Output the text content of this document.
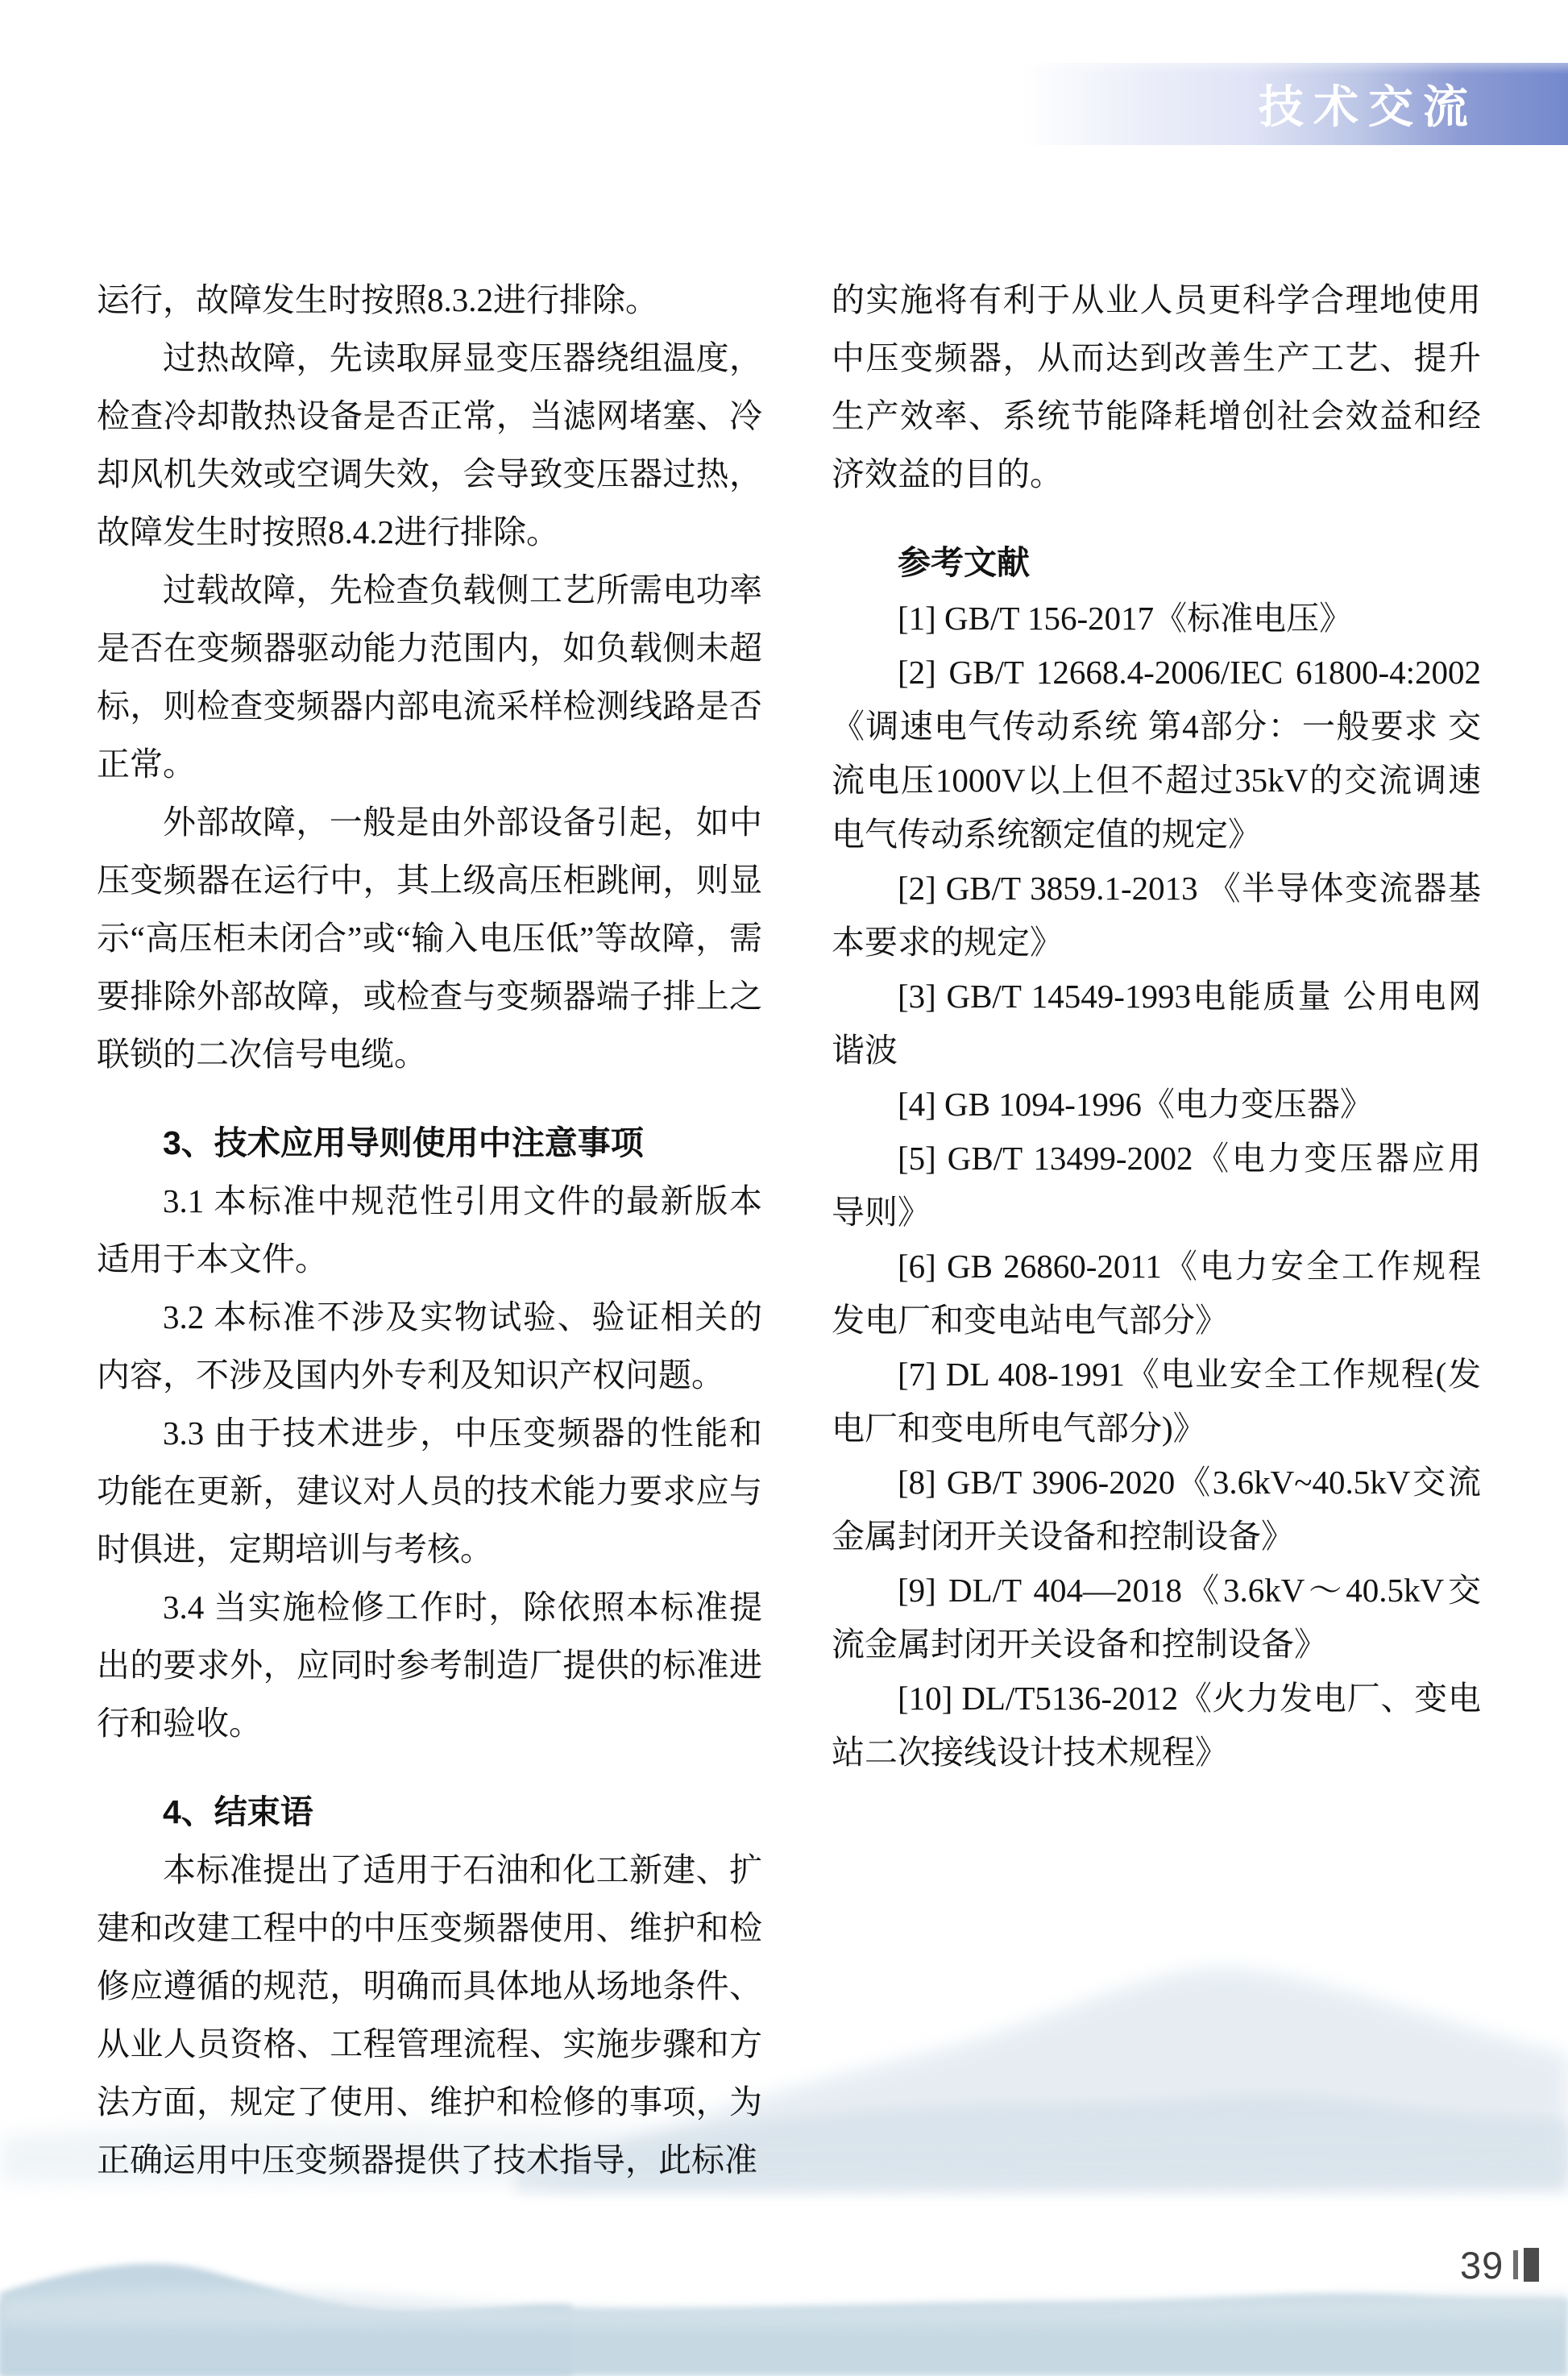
技术交流

运行，故障发生时按照8.3.2进行排除。

过热故障，先读取屏显变压器绕组温度，检查冷却散热设备是否正常，当滤网堵塞、冷却风机失效或空调失效，会导致变压器过热，故障发生时按照8.4.2进行排除。

过载故障，先检查负载侧工艺所需电功率是否在变频器驱动能力范围内，如负载侧未超标，则检查变频器内部电流采样检测线路是否正常。

外部故障，一般是由外部设备引起，如中压变频器在运行中，其上级高压柜跳闸，则显示“高压柜未闭合”或“输入电压低”等故障，需要排除外部故障，或检查与变频器端子排上之联锁的二次信号电缆。

3、技术应用导则使用中注意事项

3.1 本标准中规范性引用文件的最新版本适用于本文件。

3.2 本标准不涉及实物试验、验证相关的内容，不涉及国内外专利及知识产权问题。

3.3 由于技术进步，中压变频器的性能和功能在更新，建议对人员的技术能力要求应与时俱进，定期培训与考核。

3.4 当实施检修工作时，除依照本标准提出的要求外，应同时参考制造厂提供的标准进行和验收。

4、结束语

本标准提出了适用于石油和化工新建、扩建和改建工程中的中压变频器使用、维护和检修应遵循的规范，明确而具体地从场地条件、从业人员资格、工程管理流程、实施步骤和方法方面，规定了使用、维护和检修的事项，为正确运用中压变频器提供了技术指导，此标准

的实施将有利于从业人员更科学合理地使用中压变频器，从而达到改善生产工艺、提升生产效率、系统节能降耗增创社会效益和经济效益的目的。

参考文献

[1] GB/T 156-2017《标准电压》

[2] GB/T 12668.4-2006/IEC 61800-4:2002《调速电气传动系统 第4部分：一般要求 交流电压1000V以上但不超过35kV的交流调速电气传动系统额定值的规定》

[2] GB/T 3859.1-2013 《半导体变流器基本要求的规定》

[3] GB/T 14549-1993电能质量 公用电网谐波

[4] GB 1094-1996《电力变压器》

[5] GB/T 13499-2002《电力变压器应用导则》

[6] GB 26860-2011《电力安全工作规程 发电厂和变电站电气部分》

[7] DL 408-1991《电业安全工作规程(发电厂和变电所电气部分)》

[8] GB/T 3906-2020《3.6kV~40.5kV交流金属封闭开关设备和控制设备》

[9] DL/T 404—2018《3.6kV～40.5kV交流金属封闭开关设备和控制设备》

[10] DL/T5136-2012《火力发电厂、变电站二次接线设计技术规程》

39
